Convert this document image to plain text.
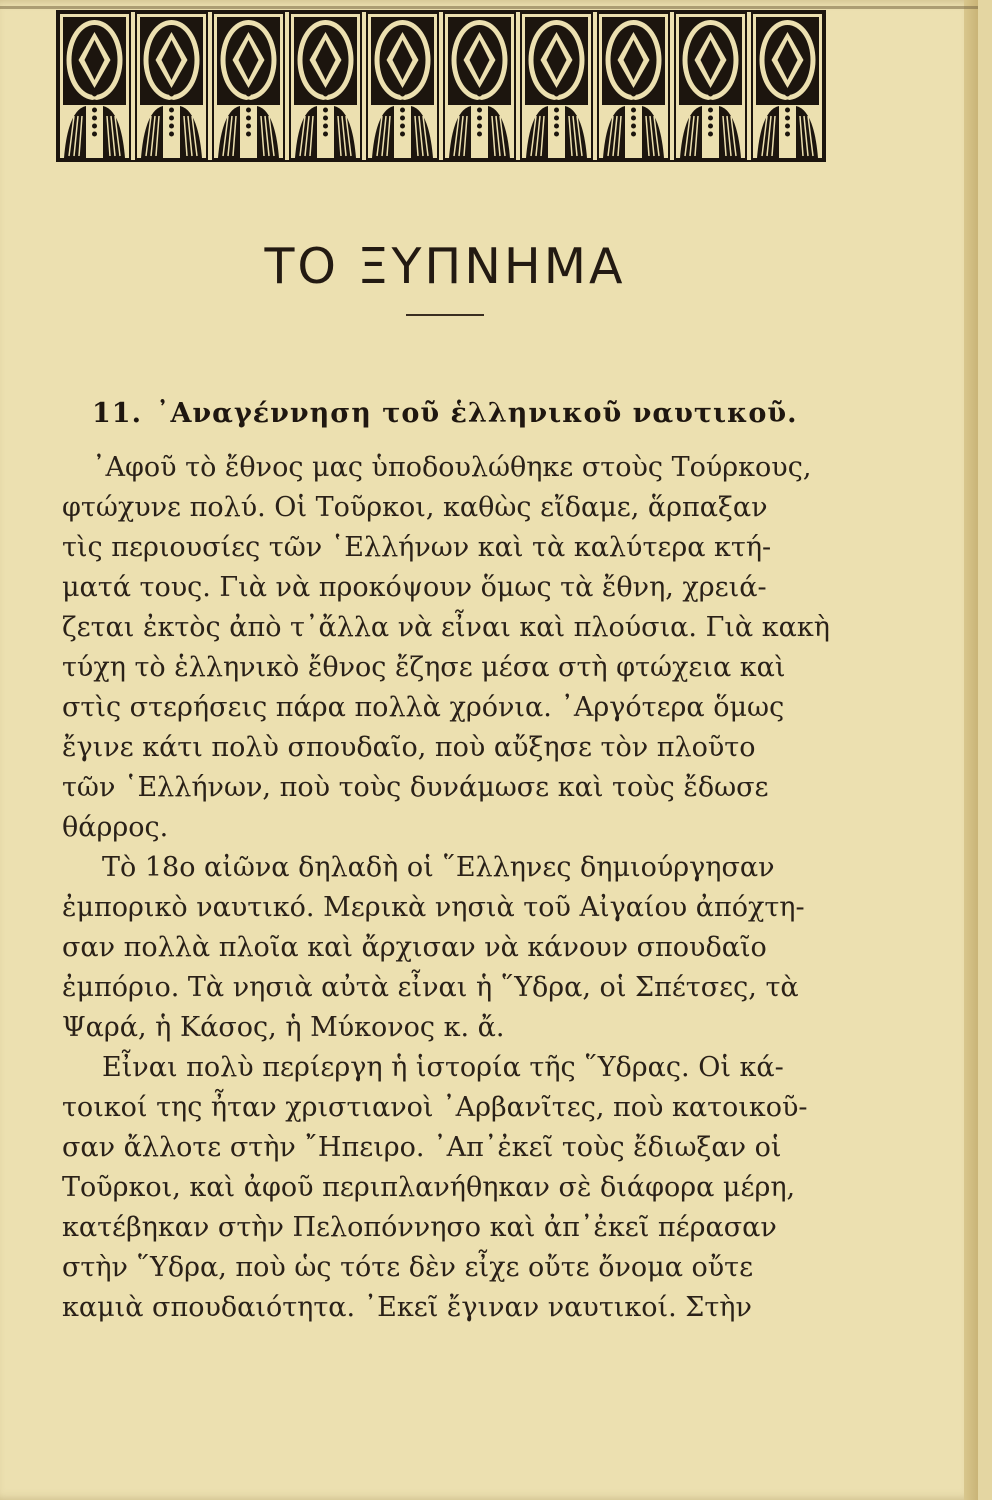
ΤΟ ΞΥΠΝΗΜΑ
11. ᾿Αναγέννηση τοῦ ἑλληνικοῦ ναυτικοῦ.
᾿Αφοῦ τὸ ἔθνος μας ὑποδουλώθηκε στοὺς Τούρκους,
φτώχυνε πολύ. Οἱ Τοῦρκοι, καθὼς εἴδαμε, ἅρπαξαν
τὶς περιουσίες τῶν ῾Ελλήνων καὶ τὰ καλύτερα κτή-
ματά τους. Γιὰ νὰ προκόψουν ὅμως τὰ ἔθνη, χρειά-
ζεται ἐκτὸς ἀπὸ τ᾿ἄλλα νὰ εἶναι καὶ πλούσια. Γιὰ κακὴ
τύχη τὸ ἑλληνικὸ ἔθνος ἔζησε μέσα στὴ φτώχεια καὶ
στὶς στερήσεις πάρα πολλὰ χρόνια. ᾿Αργότερα ὅμως
ἔγινε κάτι πολὺ σπουδαῖο, ποὺ αὔξησε τὸν πλοῦτο
τῶν ῾Ελλήνων, ποὺ τοὺς δυνάμωσε καὶ τοὺς ἔδωσε
θάρρος.
Τὸ 18ο αἰῶνα δηλαδὴ οἱ ῞Ελληνες δημιούργησαν
ἐμπορικὸ ναυτικό. Μερικὰ νησιὰ τοῦ Αἰγαίου ἀπόχτη-
σαν πολλὰ πλοῖα καὶ ἄρχισαν νὰ κάνουν σπουδαῖο
ἐμπόριο. Τὰ νησιὰ αὐτὰ εἶναι ἡ ῞Υδρα, οἱ Σπέτσες, τὰ
Ψαρά, ἡ Κάσος, ἡ Μύκονος κ. ἄ.
Εἶναι πολὺ περίεργη ἡ ἱστορία τῆς ῞Υδρας. Οἱ κά-
τοικοί της ἦταν χριστιανοὶ ᾿Αρβανῖτες, ποὺ κατοικοῦ-
σαν ἄλλοτε στὴν ῎Ηπειρο. ᾿Απ᾿ἐκεῖ τοὺς ἔδιωξαν οἱ
Τοῦρκοι, καὶ ἀφοῦ περιπλανήθηκαν σὲ διάφορα μέρη,
κατέβηκαν στὴν Πελοπόννησο καὶ ἀπ᾿ἐκεῖ πέρασαν
στὴν ῞Υδρα, ποὺ ὡς τότε δὲν εἶχε οὔτε ὄνομα οὔτε
καμιὰ σπουδαιότητα. ᾿Εκεῖ ἔγιναν ναυτικοί. Στὴν
